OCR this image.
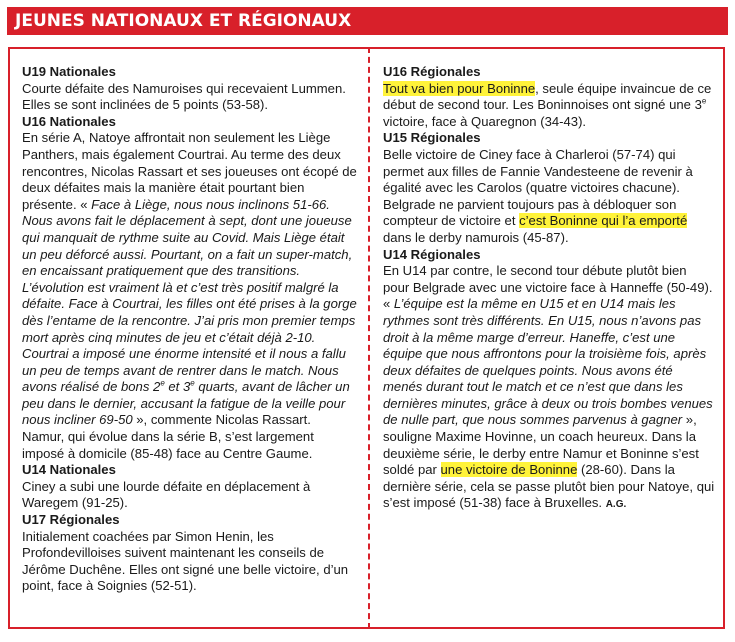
JEUNES NATIONAUX ET RÉGIONAUX
U19 Nationales
Courte défaite des Namuroises qui recevaient Lummen. Elles se sont inclinées de 5 points (53-58).
U16 Nationales
En série A, Natoye affrontait non seulement les Liège Panthers, mais également Courtrai. Au terme des deux rencontres, Nicolas Rassart et ses joueuses ont écopé de deux défaites mais la manière était pourtant bien présente. « Face à Liège, nous nous inclinons 51-66. Nous avons fait le déplacement à sept, dont une joueuse qui manquait de rythme suite au Covid. Mais Liège était un peu déforcé aussi. Pourtant, on a fait un super-match, en encaissant pratiquement que des transitions. L’évolution est vraiment là et c’est très positif malgré la défaite. Face à Courtrai, les filles ont été prises à la gorge dès l’entame de la rencontre. J’ai pris mon premier temps mort après cinq minutes de jeu et c’était déjà 2-10. Courtrai a imposé une énorme intensité et il nous a fallu un peu de temps avant de rentrer dans le match. Nous avons réalisé de bons 2e et 3e quarts, avant de lâcher un peu dans le dernier, accusant la fatigue de la veille pour nous incliner 69-50 », commente Nicolas Rassart.
Namur, qui évolue dans la série B, s’est largement imposé à domicile (85-48) face au Centre Gaume.
U14 Nationales
Ciney a subi une lourde défaite en déplacement à Waregem (91-25).
U17 Régionales
Initialement coachées par Simon Henin, les Profondevilloises suivent maintenant les conseils de Jérôme Duchêne. Elles ont signé une belle victoire, d’un point, face à Soignies (52-51).
U16 Régionales
Tout va bien pour Boninne, seule équipe invaincue de ce début de second tour. Les Boninnoises ont signé une 3e victoire, face à Quaregnon (34-43).
U15 Régionales
Belle victoire de Ciney face à Charleroi (57-74) qui permet aux filles de Fannie Vandesteene de revenir à égalité avec les Carolos (quatre victoires chacune). Belgrade ne parvient toujours pas à débloquer son compteur de victoire et c’est Boninne qui l’a emporté dans le derby namurois (45-87).
U14 Régionales
En U14 par contre, le second tour débute plutôt bien pour Belgrade avec une victoire face à Hanneffe (50-49). « L’équipe est la même en U15 et en U14 mais les rythmes sont très différents. En U15, nous n’avons pas droit à la même marge d’erreur. Haneffe, c’est une équipe que nous affrontons pour la troisième fois, après deux défaites de quelques points. Nous avons été menés durant tout le match et ce n’est que dans les dernières minutes, grâce à deux ou trois bombes venues de nulle part, que nous sommes parvenus à gagner », souligne Maxime Hovinne, un coach heureux. Dans la deuxième série, le derby entre Namur et Boninne s’est soldé par une victoire de Boninne (28-60). Dans la dernière série, cela se passe plutôt bien pour Natoye, qui s’est imposé (51-38) face à Bruxelles. A.G.
